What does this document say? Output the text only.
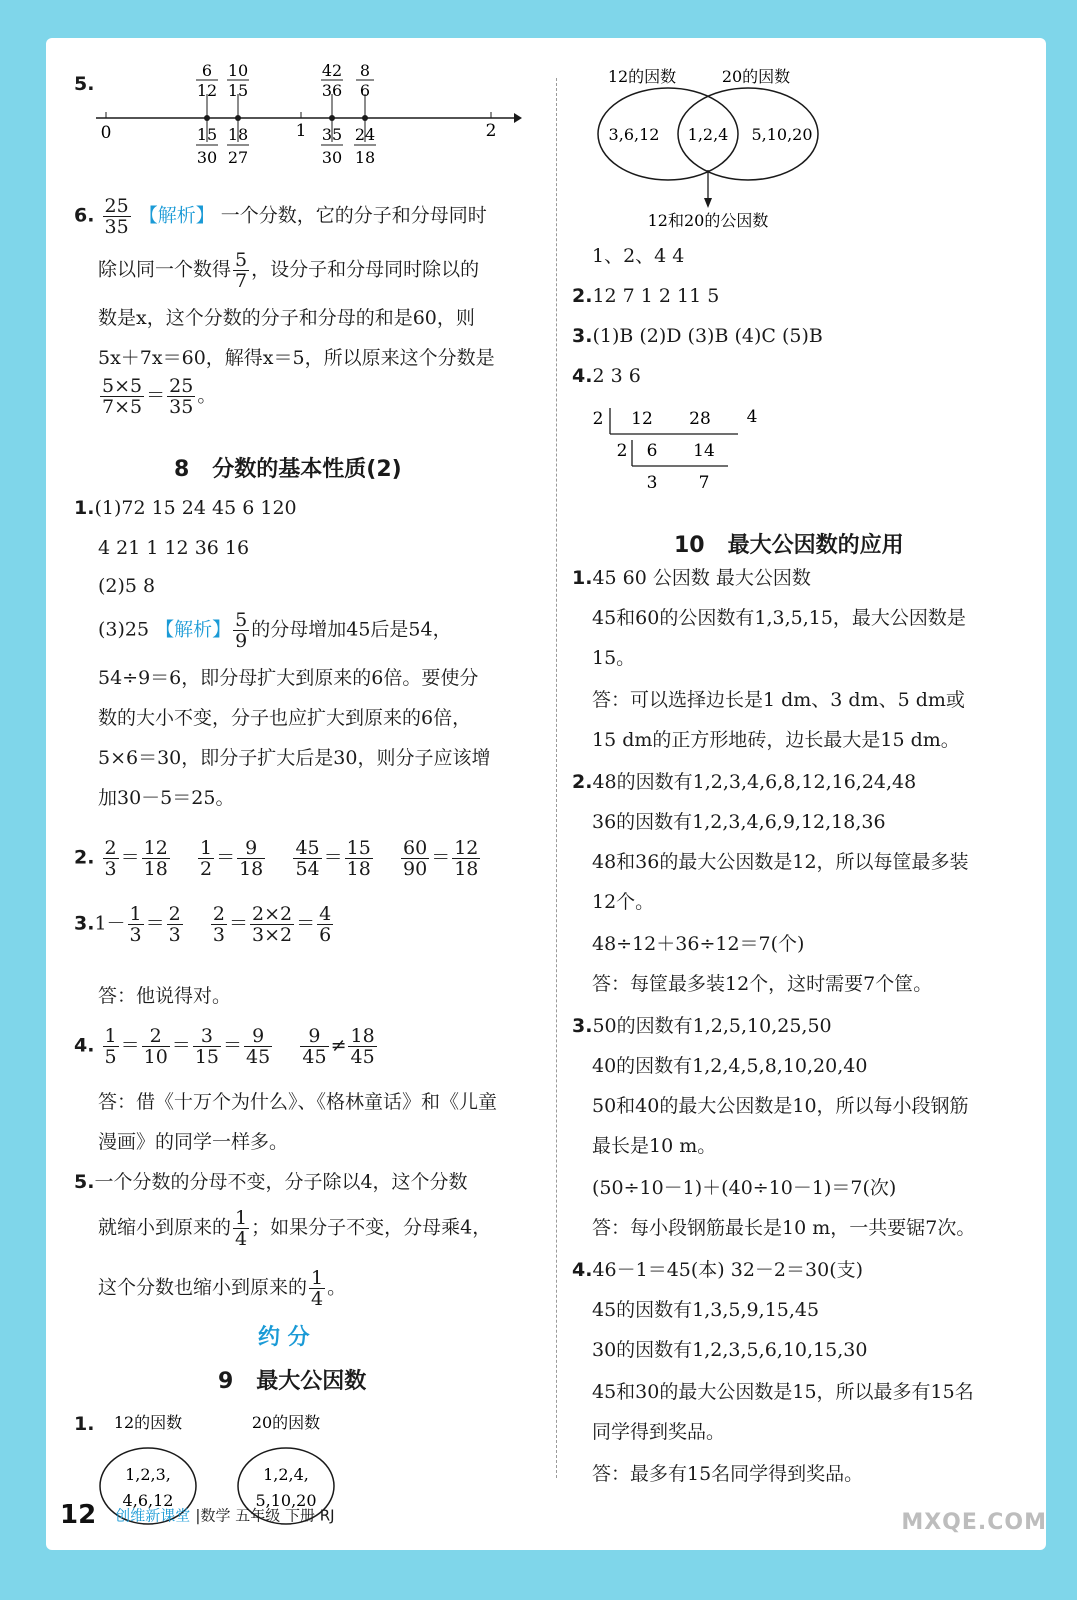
5.
0	1	2
6
12
10
15
42
36
8
6
15
30
18
27
35
30
24
18
6. $\frac{25}{35}$ 【解析】 一个分数，它的分子和分母同时
除以同一个数得 $\frac{5}{7}$ ，设分子和分母同时除以的
数是x，这个分数的分子和分母的和是60，则
5x＋7x＝60，解得x＝5，所以原来这个分数是
$\frac{5\times 5}{7\times 5} = \frac{25}{35}$ 。
8 分数的基本性质(2)
1.(1)72 15 24 45 6 120
4 21 1 12 36 16
(2)5 8
(3)25 【解析】 $\frac{5}{9}$ 的分母增加45后是54，
54÷9＝6，即分母扩大到原来的6倍。要使分
数的大小不变，分子也应扩大到原来的6倍，
5×6＝30，即分子扩大后是30，则分子应该增
加30－5＝25。
2. $\frac{2}{3} = \frac{12}{18}$
$\frac{1}{2} = \frac{9}{18}$
$\frac{45}{54} = \frac{15}{18}$
$\frac{60}{90} = \frac{12}{18}$
$3.1- \frac{1}{3} = \frac{2}{3}$
$\frac{2}{3} = \frac{2\times 2}{3\times 2} = \frac{4}{6}$
答：他说得对。
4. $\frac{1}{5} = \frac{2}{10} = \frac{3}{15} = \frac{9}{45}$
$\frac{9}{45} \ne \frac{18}{45}$
答：借《十万个为什么》、《格林童话》和《儿童
漫画》的同学一样多。
5.一个分数的分母不变，分子除以4，这个分数
就缩小到原来的 $\frac{1}{4}$ ；如果分子不变，分母乘4，
这个分数也缩小到原来的 $\frac{1}{4}$ 。
约 分
9 最大公因数
1. 12的因数	20的因数
1,2,3,
4,6,12
1,2,4,
5,10,20
12的因数	20的因数
3,6,12 1,2,4 5,10,20
12和20的公因数
1、2、4 4
2.12 7 1 2 11 5
3.(1)B (2)D (3)B (4)C (5)B
4.2 3 6
2 12 28 4
2 6 14
3 7
10 最大公因数的应用
1.45 60 公因数 最大公因数
45和60的公因数有1,3,5,15，最大公因数是
15。
答：可以选择边长是1 dm、3 dm、5 dm或
15 dm的正方形地砖，边长最大是15 dm。
2.48的因数有1,2,3,4,6,8,12,16,24,48
36的因数有1,2,3,4,6,9,12,18,36
48和36的最大公因数是12，所以每筐最多装
12个。
48÷12＋36÷12＝7(个)
答：每筐最多装12个，这时需要7个筐。
3.50的因数有1,2,5,10,25,50
40的因数有1,2,4,5,8,10,20,40
50和40的最大公因数是10，所以每小段钢筋
最长是10 m。
(50÷10－1)＋(40÷10－1)＝7(次)
答：每小段钢筋最长是10 m，一共要锯7次。
4.46－1＝45(本) 32－2＝30(支)
45的因数有1,3,5,9,15,45
30的因数有1,2,3,5,6,10,15,30
45和30的最大公因数是15，所以最多有15名
同学得到奖品。
答：最多有15名同学得到奖品。
12 创维新课堂 |数学 五年级 下册 RJ	MXQE.COM
